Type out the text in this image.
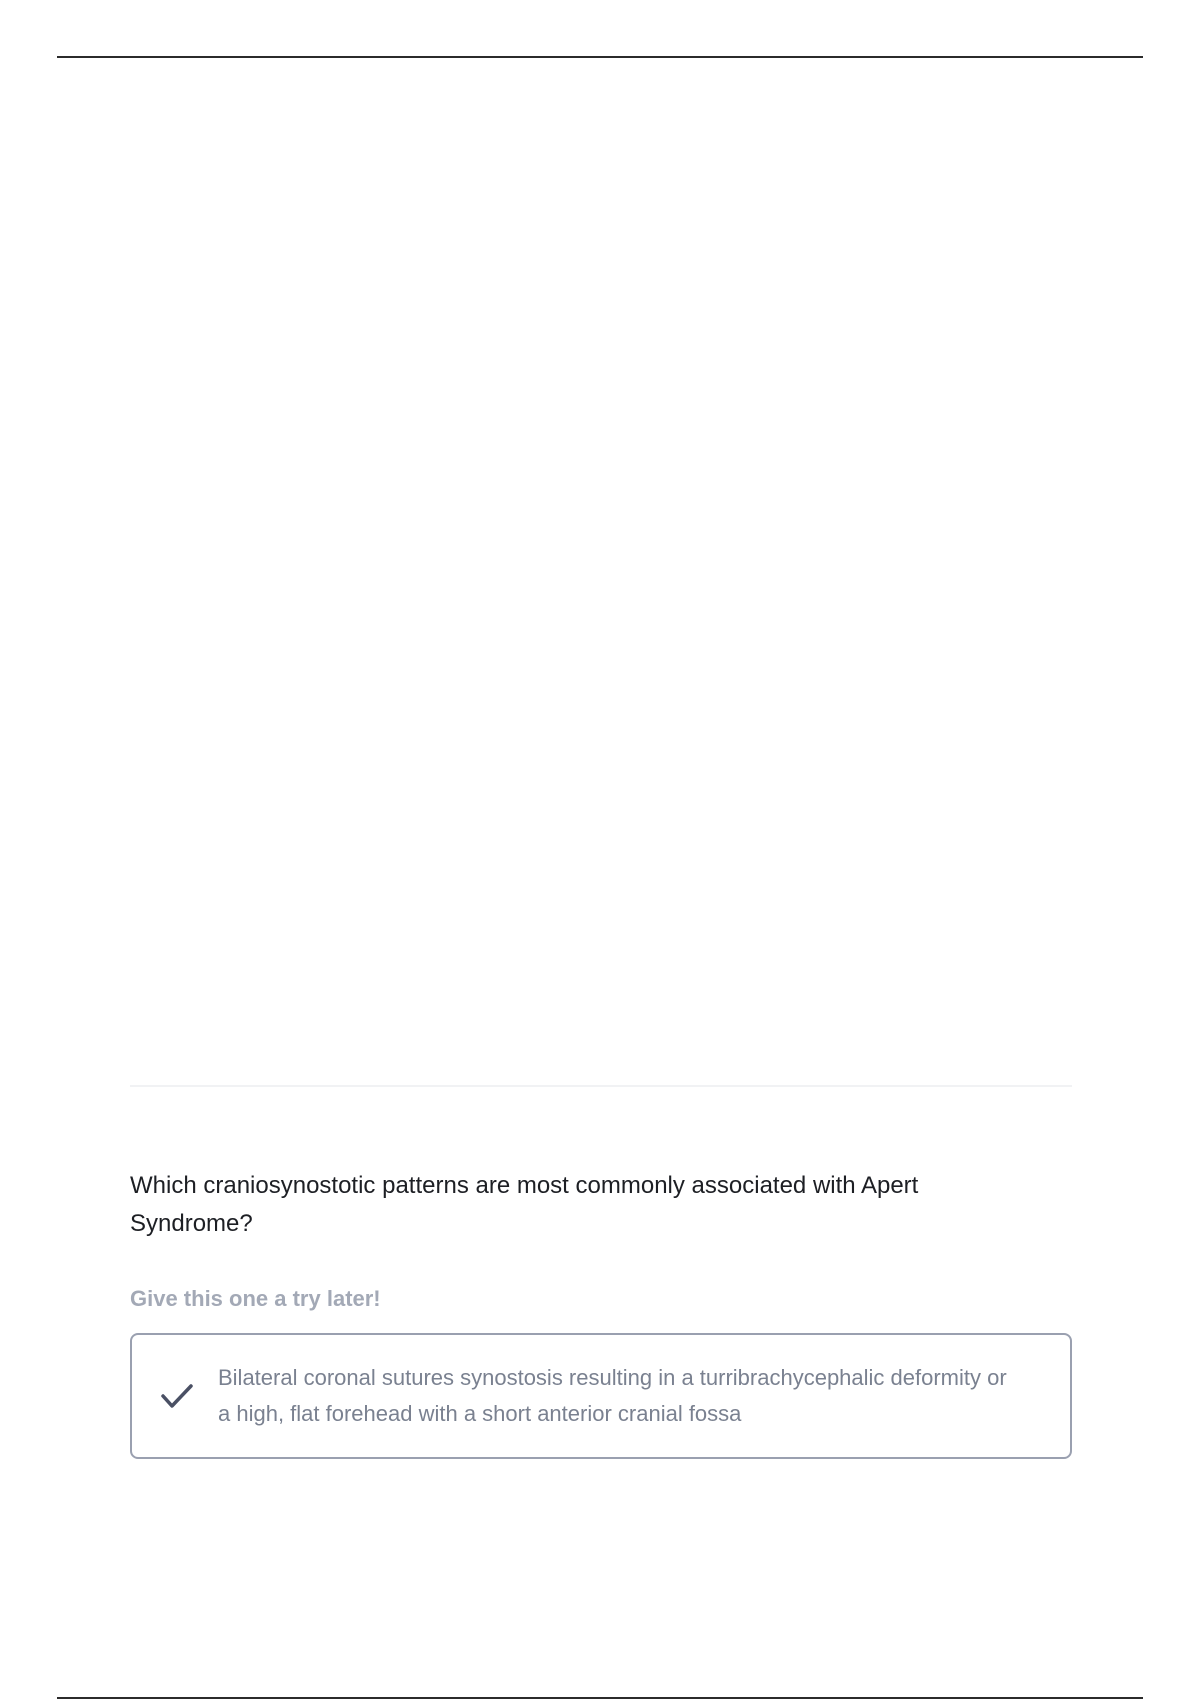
Which craniosynostotic patterns are most commonly associated with Apert Syndrome?

Give this one a try later!

Bilateral coronal sutures synostosis resulting in a turribrachycephalic deformity or a high, flat forehead with a short anterior cranial fossa
